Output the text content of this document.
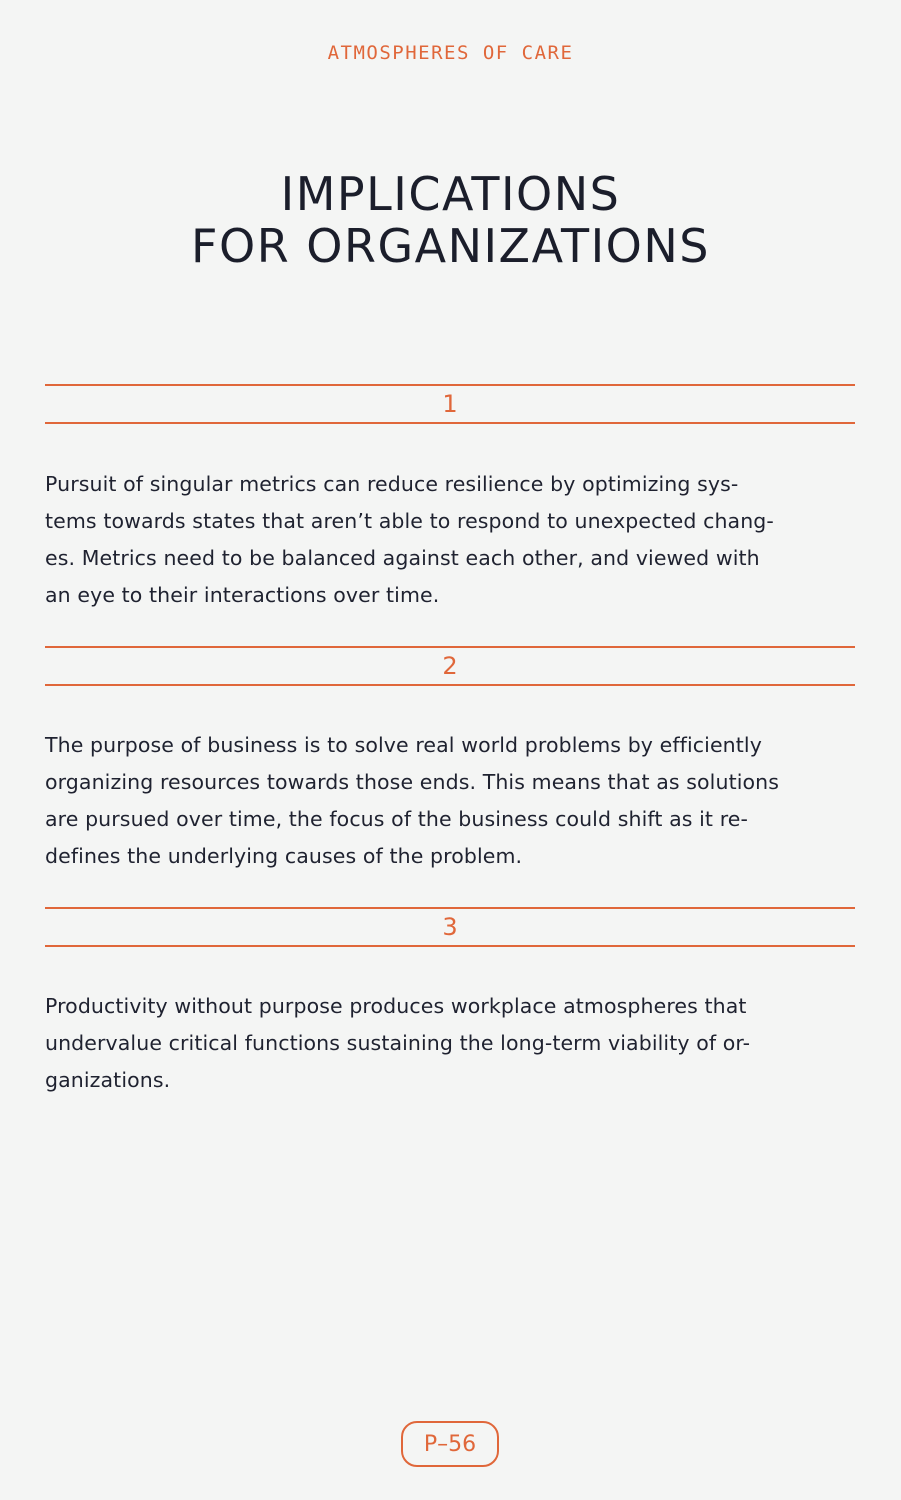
ATMOSPHERES OF CARE
IMPLICATIONS
FOR ORGANIZATIONS
1

Pursuit of singular metrics can reduce resilience by optimizing sys-
tems towards states that aren’t able to respond to unexpected chang-
es. Metrics need to be balanced against each other, and viewed with
an eye to their interactions over time.

2

The purpose of business is to solve real world problems by efficiently
organizing resources towards those ends. This means that as solutions
are pursued over time, the focus of the business could shift as it re-
defines the underlying causes of the problem.

3

Productivity without purpose produces workplace atmospheres that
undervalue critical functions sustaining the long-term viability of or-
ganizations.

P–56
